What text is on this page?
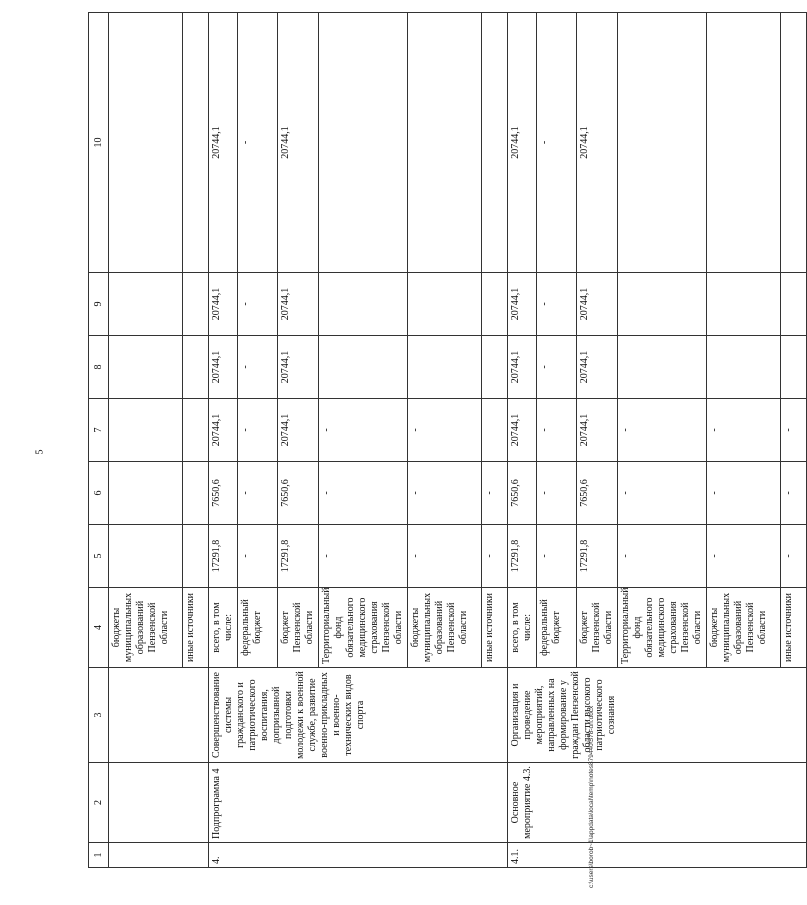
5
1	2	3	4	5	6	7	8	9	10
			бюджеты муниципальных образований Пензенской области						
			иные источники						
4.	Подпрограмма 4	Совершенствование системы гражданского и патриотического воспитания, допризывной подготовки молодежи к военной службе, развитие военно-прикладных и военно-технических видов спорта	всего, в том числе:	17291,8	7650,6	20744,1	20744,1	20744,1	20744,1
			федеральный бюджет	-	-	-	-	-	-
			бюджет Пензенской области	17291,8	7650,6	20744,1	20744,1	20744,1	20744,1
			Территориальный фонд обязательного медицинского страхования Пензенской области	-	-	-			
			бюджеты муниципальных образований Пензенской области	-	-	-			
			иные источники	-	-				
4.1.	Основное мероприятие 4.3.	Организация и проведение мероприятий, направленных на формирование у граждан Пензенской области высокого патриотического сознания	всего, в том числе:	17291,8	7650,6	20744,1	20744,1	20744,1	20744,1
			федеральный бюджет	-	-	-	-	-	-
			бюджет Пензенской области	17291,8	7650,6	20744,1	20744,1	20744,1	20744,1
			Территориальный фонд обязательного медицинского страхования Пензенской области	-	-	-			
			бюджеты муниципальных образований Пензенской области	-	-	-			
			иные источники	-	-	-			
c:\users\borob~1\appdata\local\temp\notes879440\578-un.docx
